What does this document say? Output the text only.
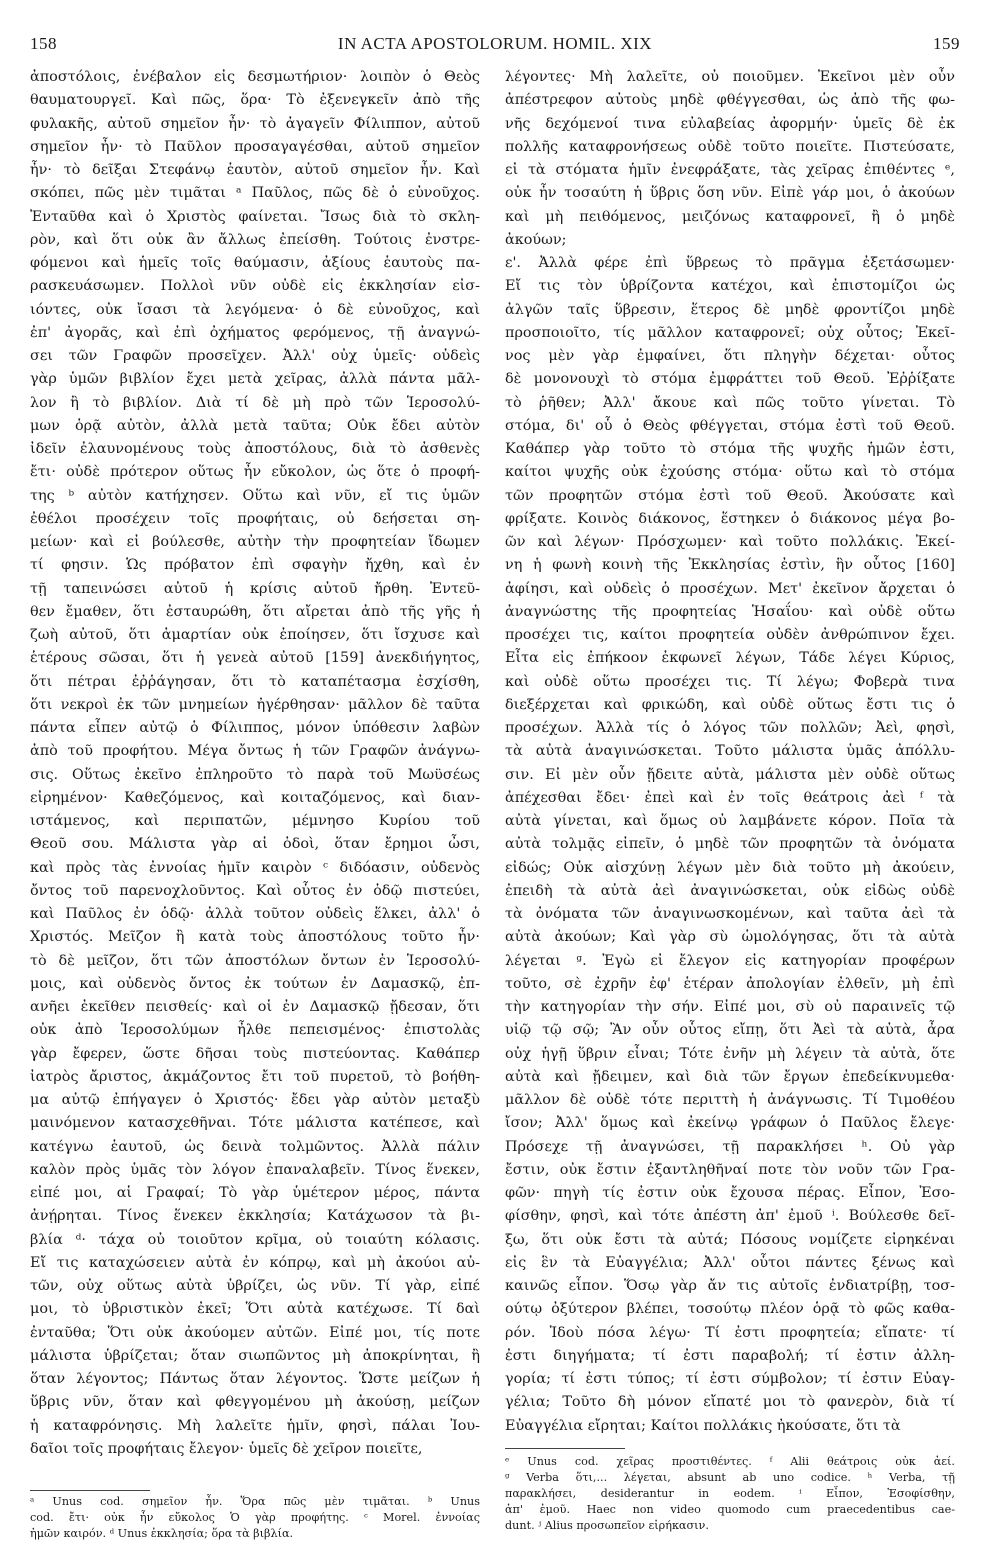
158	IN ACTA APOSTOLORUM. HOMIL. XIX	159
ἀποστόλοις, ἐνέβαλον εἰς δεσμωτήριον· λοιπὸν ὁ Θεὸς
θαυματουργεῖ. Καὶ πῶς, ὅρα· Τὸ ἐξενεγκεῖν ἀπὸ τῆς
φυλακῆς, αὐτοῦ σημεῖον ἦν· τὸ ἀγαγεῖν Φίλιππον, αὐτοῦ
σημεῖον ἦν· τὸ Παῦλον προσαγαγέσθαι, αὐτοῦ σημεῖον
ἦν· τὸ δεῖξαι Στεφάνῳ ἑαυτὸν, αὐτοῦ σημεῖον ἦν. Καὶ
σκόπει, πῶς μὲν τιμᾶται ᵃ Παῦλος, πῶς δὲ ὁ εὐνοῦχος.
Ἐνταῦθα καὶ ὁ Χριστὸς φαίνεται. Ἴσως διὰ τὸ σκλη-
ρὸν, καὶ ὅτι οὐκ ἂν ἄλλως ἐπείσθη. Τούτοις ἐνστρε-
φόμενοι καὶ ἡμεῖς τοῖς θαύμασιν, ἀξίους ἑαυτοὺς πα-
ρασκευάσωμεν. Πολλοὶ νῦν οὐδὲ εἰς ἐκκλησίαν εἰσ-
ιόντες, οὐκ ἴσασι τὰ λεγόμενα· ὁ δὲ εὐνοῦχος, καὶ
ἐπ' ἀγορᾶς, καὶ ἐπὶ ὀχήματος φερόμενος, τῇ ἀναγνώ-
σει τῶν Γραφῶν προσεῖχεν. Ἀλλ' οὐχ ὑμεῖς· οὐδεὶς
γὰρ ὑμῶν βιβλίον ἔχει μετὰ χεῖρας, ἀλλὰ πάντα μᾶλ-
λον ἢ τὸ βιβλίον. Διὰ τί δὲ μὴ πρὸ τῶν Ἱεροσολύ-
μων ὁρᾷ αὐτὸν, ἀλλὰ μετὰ ταῦτα; Οὐκ ἔδει αὐτὸν
ἰδεῖν ἐλαυνομένους τοὺς ἀποστόλους, διὰ τὸ ἀσθενὲς
ἔτι· οὐδὲ πρότερον οὕτως ἦν εὔκολον, ὡς ὅτε ὁ προφή-
της ᵇ αὐτὸν κατήχησεν. Οὕτω καὶ νῦν, εἴ τις ὑμῶν
ἐθέλοι προσέχειν τοῖς προφήταις, οὐ δεήσεται ση-
μείων· καὶ εἰ βούλεσθε, αὐτὴν τὴν προφητείαν ἴδωμεν
τί φησιν. Ὡς πρόβατον ἐπὶ σφαγὴν ἤχθη, καὶ ἐν
τῇ ταπεινώσει αὐτοῦ ἡ κρίσις αὐτοῦ ἤρθη. Ἐντεῦ-
θεν ἔμαθεν, ὅτι ἐσταυρώθη, ὅτι αἴρεται ἀπὸ τῆς γῆς ἡ
ζωὴ αὐτοῦ, ὅτι ἁμαρτίαν οὐκ ἐποίησεν, ὅτι ἴσχυσε καὶ
ἑτέρους σῶσαι, ὅτι ἡ γενεὰ αὐτοῦ [159] ἀνεκδιήγητος,
ὅτι πέτραι ἐῤῥάγησαν, ὅτι τὸ καταπέτασμα ἐσχίσθη,
ὅτι νεκροὶ ἐκ τῶν μνημείων ἠγέρθησαν· μᾶλλον δὲ ταῦτα
πάντα εἶπεν αὐτῷ ὁ Φίλιππος, μόνον ὑπόθεσιν λαβὼν
ἀπὸ τοῦ προφήτου. Μέγα ὄντως ἡ τῶν Γραφῶν ἀνάγνω-
σις. Οὕτως ἐκεῖνο ἐπληροῦτο τὸ παρὰ τοῦ Μωϋσέως
εἰρημένον· Καθεζόμενος, καὶ κοιταζόμενος, καὶ διαν-
ιστάμενος, καὶ περιπατῶν, μέμνησο Κυρίου τοῦ
Θεοῦ σου. Μάλιστα γὰρ αἱ ὁδοὶ, ὅταν ἔρημοι ὦσι,
καὶ πρὸς τὰς ἐννοίας ἡμῖν καιρὸν ᶜ διδόασιν, οὐδενὸς
ὄντος τοῦ παρενοχλοῦντος. Καὶ οὗτος ἐν ὁδῷ πιστεύει,
καὶ Παῦλος ἐν ὁδῷ· ἀλλὰ τοῦτον οὐδεὶς ἕλκει, ἀλλ' ὁ
Χριστός. Μεῖζον ἢ κατὰ τοὺς ἀποστόλους τοῦτο ἦν·
τὸ δὲ μεῖζον, ὅτι τῶν ἀποστόλων ὄντων ἐν Ἱεροσολύ-
μοις, καὶ οὐδενὸς ὄντος ἐκ τούτων ἐν Δαμασκῷ, ἐπ-
ανῆει ἐκεῖθεν πεισθείς· καὶ οἱ ἐν Δαμασκῷ ᾔδεσαν, ὅτι
οὐκ ἀπὸ Ἱεροσολύμων ἦλθε πεπεισμένος· ἐπιστολὰς
γὰρ ἔφερεν, ὥστε δῆσαι τοὺς πιστεύοντας. Καθάπερ
ἰατρὸς ἄριστος, ἀκμάζοντος ἔτι τοῦ πυρετοῦ, τὸ βοήθη-
μα αὐτῷ ἐπήγαγεν ὁ Χριστός· ἔδει γὰρ αὐτὸν μεταξὺ
μαινόμενον κατασχεθῆναι. Τότε μάλιστα κατέπεσε, καὶ
κατέγνω ἑαυτοῦ, ὡς δεινὰ τολμῶντος. Ἀλλὰ πάλιν
καλὸν πρὸς ὑμᾶς τὸν λόγον ἐπαναλαβεῖν. Τίνος ἕνεκεν,
εἰπέ μοι, αἱ Γραφαί; Τὸ γὰρ ὑμέτερον μέρος, πάντα
ἀνῄρηται. Τίνος ἕνεκεν ἐκκλησία; Κατάχωσον τὰ βι-
βλία ᵈ· τάχα οὐ τοιοῦτον κρῖμα, οὐ τοιαύτη κόλασις.
Εἴ τις καταχώσειεν αὐτὰ ἐν κόπρῳ, καὶ μὴ ἀκούοι αὐ-
τῶν, οὐχ οὕτως αὐτὰ ὑβρίζει, ὡς νῦν. Τί γὰρ, εἰπέ
μοι, τὸ ὑβριστικὸν ἐκεῖ; Ὅτι αὐτὰ κατέχωσε. Τί δαὶ
ἐνταῦθα; Ὅτι οὐκ ἀκούομεν αὐτῶν. Εἰπέ μοι, τίς ποτε
μάλιστα ὑβρίζεται; ὅταν σιωπῶντος μὴ ἀποκρίνηται, ἢ
ὅταν λέγοντος; Πάντως ὅταν λέγοντος. Ὥστε μείζων ἡ
ὕβρις νῦν, ὅταν καὶ φθεγγομένου μὴ ἀκούσῃ, μείζων
ἡ καταφρόνησις. Μὴ λαλεῖτε ἡμῖν, φησὶ, πάλαι Ἰου-
δαῖοι τοῖς προφήταις ἔλεγον· ὑμεῖς δὲ χεῖρον ποιεῖτε,
λέγοντες· Μὴ λαλεῖτε, οὐ ποιοῦμεν. Ἐκεῖνοι μὲν οὖν
ἀπέστρεφον αὐτοὺς μηδὲ φθέγγεσθαι, ὡς ἀπὸ τῆς φω-
νῆς δεχόμενοί τινα εὐλαβείας ἀφορμήν· ὑμεῖς δὲ ἐκ
πολλῆς καταφρονήσεως οὐδὲ τοῦτο ποιεῖτε. Πιστεύσατε,
εἰ τὰ στόματα ἡμῖν ἐνεφράξατε, τὰς χεῖρας ἐπιθέντες ᵉ,
οὐκ ἦν τοσαύτη ἡ ὕβρις ὅση νῦν. Εἰπὲ γάρ μοι, ὁ ἀκούων
καὶ μὴ πειθόμενος, μειζόνως καταφρονεῖ, ἢ ὁ μηδὲ
ἀκούων;
ε'. Ἀλλὰ φέρε ἐπὶ ὕβρεως τὸ πρᾶγμα ἐξετάσωμεν·
Εἴ τις τὸν ὑβρίζοντα κατέχοι, καὶ ἐπιστομίζοι ὡς
ἀλγῶν ταῖς ὕβρεσιν, ἕτερος δὲ μηδὲ φροντίζοι μηδὲ
προσποιοῖτο, τίς μᾶλλον καταφρονεῖ; οὐχ οὗτος; Ἐκεῖ-
νος μὲν γὰρ ἐμφαίνει, ὅτι πληγὴν δέχεται· οὗτος
δὲ μονονουχὶ τὸ στόμα ἐμφράττει τοῦ Θεοῦ. Ἐῤῥίξατε
τὸ ῥῆθεν; Ἀλλ' ἄκουε καὶ πῶς τοῦτο γίνεται. Τὸ
στόμα, δι' οὗ ὁ Θεὸς φθέγγεται, στόμα ἐστὶ τοῦ Θεοῦ.
Καθάπερ γὰρ τοῦτο τὸ στόμα τῆς ψυχῆς ἡμῶν ἐστι,
καίτοι ψυχῆς οὐκ ἐχούσης στόμα· οὕτω καὶ τὸ στόμα
τῶν προφητῶν στόμα ἐστὶ τοῦ Θεοῦ. Ἀκούσατε καὶ
φρίξατε. Κοινὸς διάκονος, ἕστηκεν ὁ διάκονος μέγα βο-
ῶν καὶ λέγων· Πρόσχωμεν· καὶ τοῦτο πολλάκις. Ἐκεί-
νη ἡ φωνὴ κοινὴ τῆς Ἐκκλησίας ἐστὶν, ἣν οὗτος [160]
ἀφίησι, καὶ οὐδεὶς ὁ προσέχων. Μετ' ἐκεῖνον ἄρχεται ὁ
ἀναγνώστης τῆς προφητείας Ἡσαΐου· καὶ οὐδὲ οὕτω
προσέχει τις, καίτοι προφητεία οὐδὲν ἀνθρώπινον ἔχει.
Εἶτα εἰς ἐπήκοον ἐκφωνεῖ λέγων, Τάδε λέγει Κύριος,
καὶ οὐδὲ οὕτω προσέχει τις. Τί λέγω; Φοβερὰ τινα
διεξέρχεται καὶ φρικώδη, καὶ οὐδὲ οὕτως ἔστι τις ὁ
προσέχων. Ἀλλὰ τίς ὁ λόγος τῶν πολλῶν; Ἀεὶ, φησὶ,
τὰ αὐτὰ ἀναγινώσκεται. Τοῦτο μάλιστα ὑμᾶς ἀπόλλυ-
σιν. Εἰ μὲν οὖν ᾔδειτε αὐτὰ, μάλιστα μὲν οὐδὲ οὕτως
ἀπέχεσθαι ἔδει· ἐπεὶ καὶ ἐν τοῖς θεάτροις ἀεὶ ᶠ τὰ
αὐτὰ γίνεται, καὶ ὅμως οὐ λαμβάνετε κόρον. Ποῖα τὰ
αὐτὰ τολμᾷς εἰπεῖν, ὁ μηδὲ τῶν προφητῶν τὰ ὀνόματα
εἰδώς; Οὐκ αἰσχύνῃ λέγων μὲν διὰ τοῦτο μὴ ἀκούειν,
ἐπειδὴ τὰ αὐτὰ ἀεὶ ἀναγινώσκεται, οὐκ εἰδὼς οὐδὲ
τὰ ὀνόματα τῶν ἀναγινωσκομένων, καὶ ταῦτα ἀεὶ τὰ
αὐτὰ ἀκούων; Καὶ γὰρ σὺ ὡμολόγησας, ὅτι τὰ αὐτὰ
λέγεται ᵍ. Ἐγὼ εἰ ἔλεγον εἰς κατηγορίαν προφέρων
τοῦτο, σὲ ἐχρῆν ἐφ' ἑτέραν ἀπολογίαν ἐλθεῖν, μὴ ἐπὶ
τὴν κατηγορίαν τὴν σήν. Εἰπέ μοι, σὺ οὐ παραινεῖς τῷ
υἱῷ τῷ σῷ; Ἂν οὖν οὗτος εἴπῃ, ὅτι Ἀεὶ τὰ αὐτὰ, ἆρα
οὐχ ἡγῇ ὕβριν εἶναι; Τότε ἐνῆν μὴ λέγειν τὰ αὐτὰ, ὅτε
αὐτὰ καὶ ᾔδειμεν, καὶ διὰ τῶν ἔργων ἐπεδείκνυμεθα·
μᾶλλον δὲ οὐδὲ τότε περιττὴ ἡ ἀνάγνωσις. Τί Τιμοθέου
ἴσον; Ἀλλ' ὅμως καὶ ἐκείνῳ γράφων ὁ Παῦλος ἔλεγε·
Πρόσεχε τῇ ἀναγνώσει, τῇ παρακλήσει ʰ. Οὐ γὰρ
ἔστιν, οὐκ ἔστιν ἐξαντληθῆναί ποτε τὸν νοῦν τῶν Γρα-
φῶν· πηγὴ τίς ἐστιν οὐκ ἔχουσα πέρας. Εἶπον, Ἐσο-
φίσθην, φησὶ, καὶ τότε ἀπέστη ἀπ' ἐμοῦ ⁱ. Βούλεσθε δεῖ-
ξω, ὅτι οὐκ ἔστι τὰ αὐτά; Πόσους νομίζετε εἰρηκέναι
εἰς ἓν τὰ Εὐαγγέλια; Ἀλλ' οὗτοι πάντες ξένως καὶ
καινῶς εἶπον. Ὅσῳ γὰρ ἄν τις αὐτοῖς ἐνδιατρίβῃ, τοσ-
ούτῳ ὀξύτερον βλέπει, τοσούτῳ πλέον ὁρᾷ τὸ φῶς καθα-
ρόν. Ἰδοὺ πόσα λέγω· Τί ἐστι προφητεία; εἴπατε· τί
ἐστι διηγήματα; τί ἐστι παραβολή; τί ἐστιν ἀλλη-
γορία; τί ἐστι τύπος; τί ἐστι σύμβολον; τί ἐστιν Εὐαγ-
γέλια; Τοῦτο δὴ μόνον εἴπατέ μοι τὸ φανερὸν, διὰ τί
Εὐαγγέλια εἴρηται; Καίτοι πολλάκις ἠκούσατε, ὅτι τὰ
ᵃ Unus cod. σημεῖον ἦν. Ὅρα πῶς μὲν τιμᾶται. ᵇ Unus
cod. ἔτι· οὐκ ἦν εὔκολος Ὁ γὰρ προφήτης. ᶜ Morel. ἐννοίας
ἡμῶν καιρόν. ᵈ Unus ἐκκλησία; ὅρα τὰ βιβλία.
ᵉ Unus cod. χεῖρας προστιθέντες. ᶠ Alii θεάτροις οὐκ ἀεί.
ᵍ Verba ὅτι,... λέγεται, absunt ab uno codice. ʰ Verba, τῇ
παρακλήσει, desiderantur in eodem. ⁱ Εἶπον, Ἐσοφίσθην,
ἀπ' ἐμοῦ. Haec non video quomodo cum praecedentibus cae-
dunt. ʲ Alius προσωπεῖον εἰρήκασιν.
